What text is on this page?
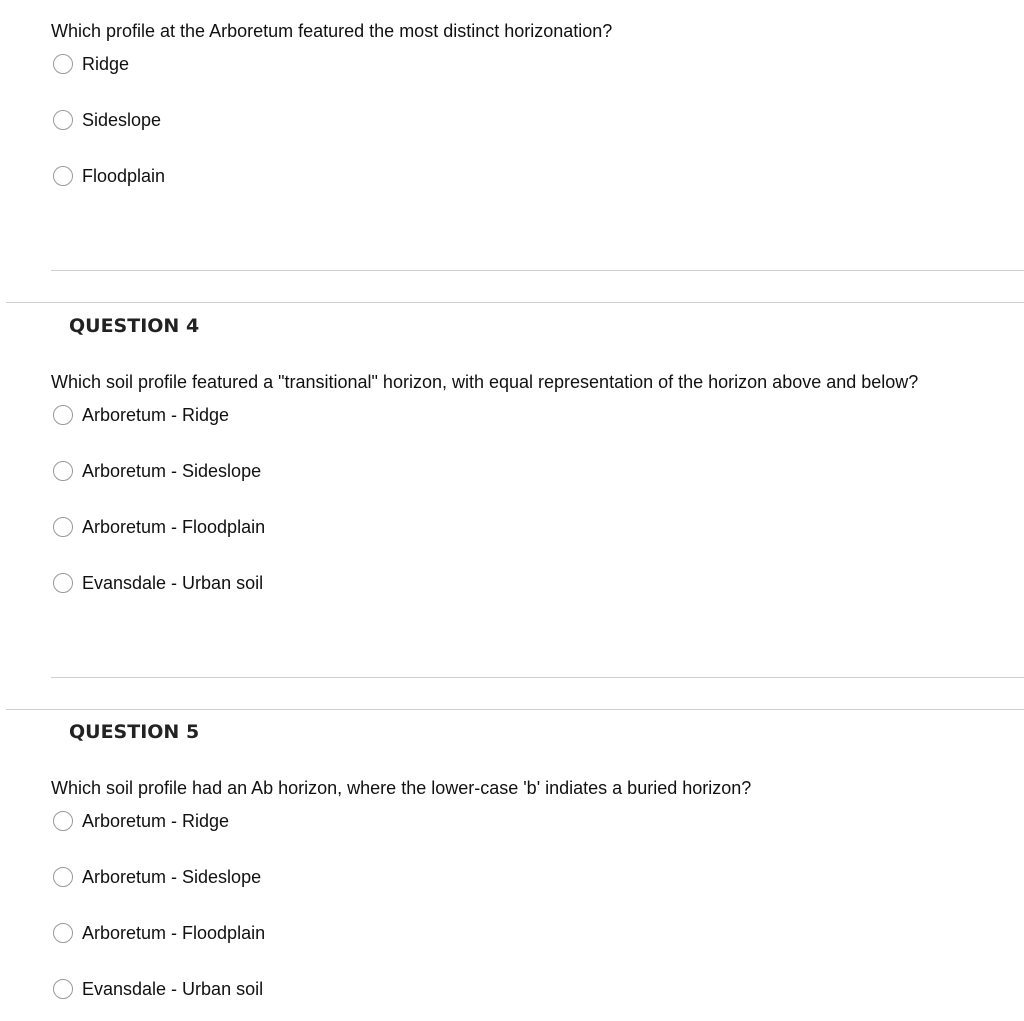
Which profile at the Arboretum featured the most distinct horizonation?
Ridge
Sideslope
Floodplain
QUESTION 4
Which soil profile featured a "transitional" horizon, with equal representation of the horizon above and below?
Arboretum - Ridge
Arboretum - Sideslope
Arboretum - Floodplain
Evansdale - Urban soil
QUESTION 5
Which soil profile had an Ab horizon, where the lower-case 'b' indiates a buried horizon?
Arboretum - Ridge
Arboretum - Sideslope
Arboretum - Floodplain
Evansdale - Urban soil
